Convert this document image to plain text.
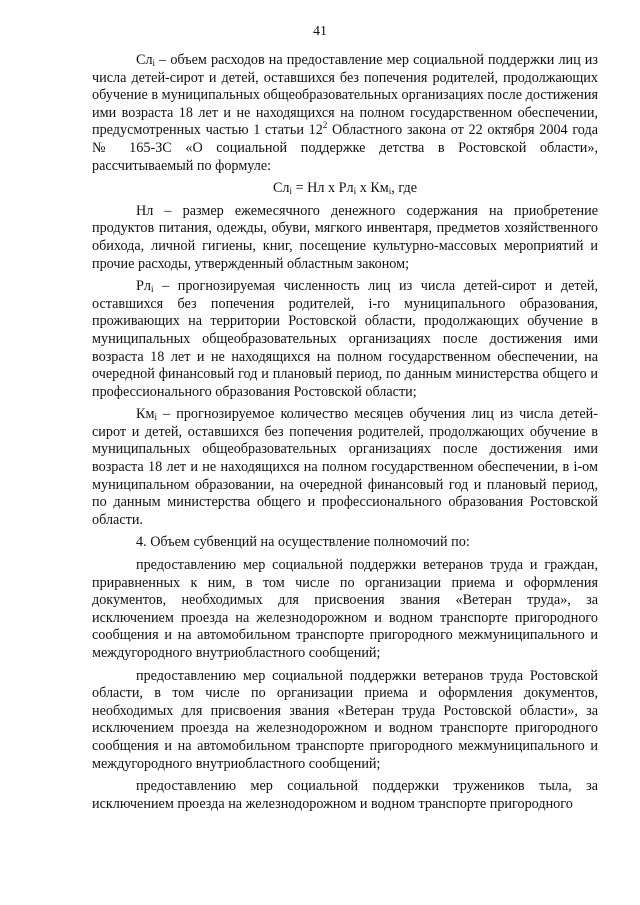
41

$Сл_i$ – объем расходов на предоставление мер социальной поддержки лиц из числа детей-сирот и детей, оставшихся без попечения родителей, продолжающих обучение в муниципальных общеобразовательных организациях после достижения ими возраста 18 лет и не находящихся на полном государственном обеспечении, предусмотренных частью 1 статьи $12^2$ Областного закона от 22 октября 2004 года № 165-ЗС «О социальной поддержке детства в Ростовской области», рассчитываемый по формуле:

$Сл_i$ = Нл x $Рл_i$ x $Км_i$, где

Нл – размер ежемесячного денежного содержания на приобретение продуктов питания, одежды, обуви, мягкого инвентаря, предметов хозяйственного обихода, личной гигиены, книг, посещение культурно-массовых мероприятий и прочие расходы, утвержденный областным законом;

$Рл_i$ – прогнозируемая численность лиц из числа детей-сирот и детей, оставшихся без попечения родителей, i-го муниципального образования, проживающих на территории Ростовской области, продолжающих обучение в муниципальных общеобразовательных организациях после достижения ими возраста 18 лет и не находящихся на полном государственном обеспечении, на очередной финансовый год и плановый период, по данным министерства общего и профессионального образования Ростовской области;

$Км_i$ – прогнозируемое количество месяцев обучения лиц из числа детей-сирот и детей, оставшихся без попечения родителей, продолжающих обучение в муниципальных общеобразовательных организациях после достижения ими возраста 18 лет и не находящихся на полном государственном обеспечении, в i-ом муниципальном образовании, на очередной финансовый год и плановый период, по данным министерства общего и профессионального образования Ростовской области.

4. Объем субвенций на осуществление полномочий по:

предоставлению мер социальной поддержки ветеранов труда и граждан, приравненных к ним, в том числе по организации приема и оформления документов, необходимых для присвоения звания «Ветеран труда», за исключением проезда на железнодорожном и водном транспорте пригородного сообщения и на автомобильном транспорте пригородного межмуниципального и междугородного внутриобластного сообщений;

предоставлению мер социальной поддержки ветеранов труда Ростовской области, в том числе по организации приема и оформления документов, необходимых для присвоения звания «Ветеран труда Ростовской области», за исключением проезда на железнодорожном и водном транспорте пригородного сообщения и на автомобильном транспорте пригородного межмуниципального и междугородного внутриобластного сообщений;

предоставлению мер социальной поддержки тружеников тыла, за исключением проезда на железнодорожном и водном транспорте пригородного
